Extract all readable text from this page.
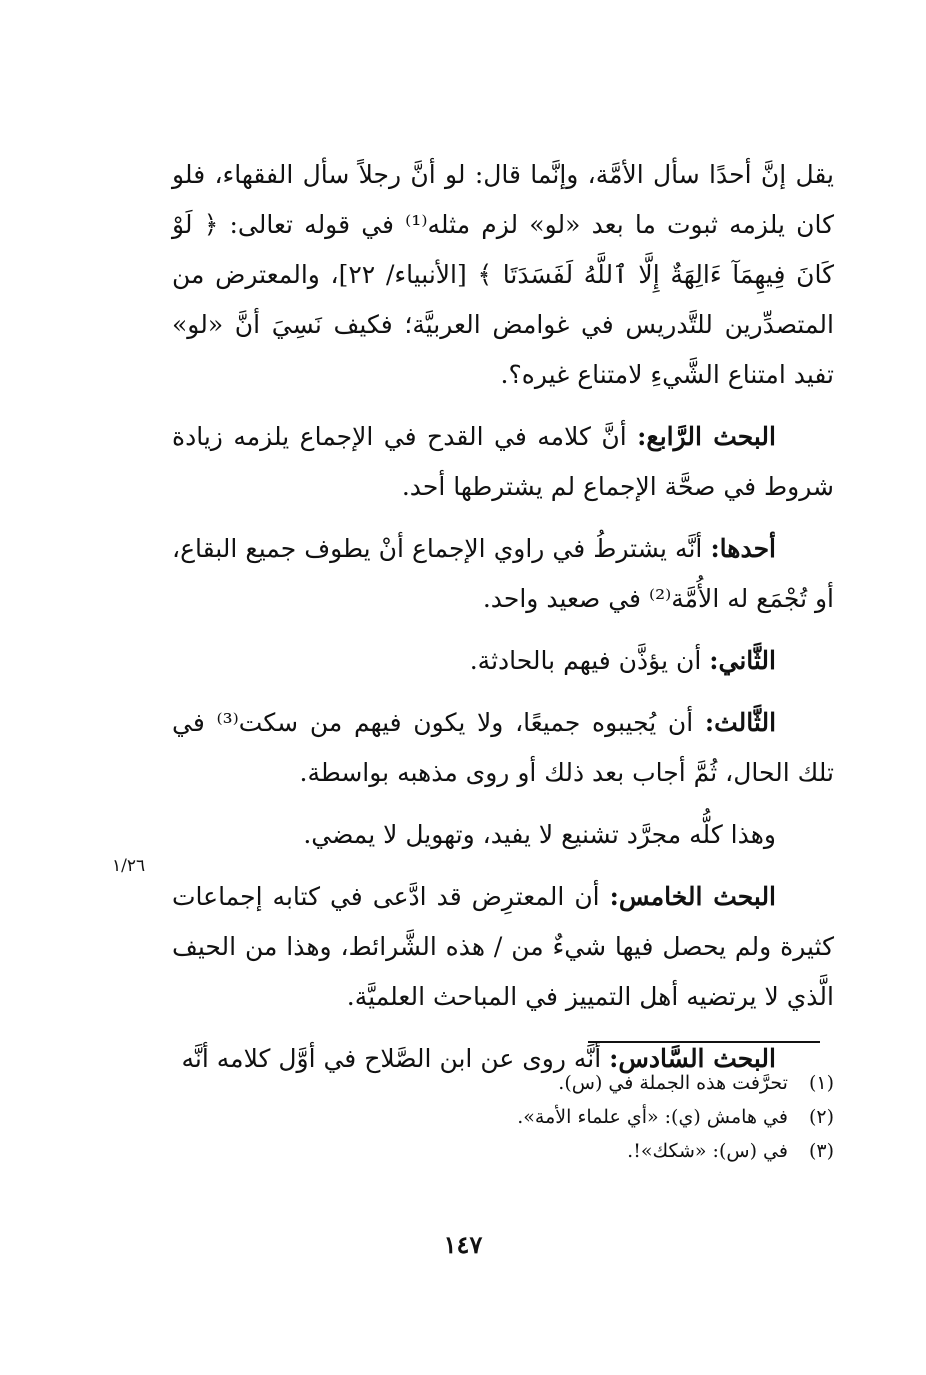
يقل إنَّ أحدًا سأل الأمَّة، وإنَّما قال: لو أنَّ رجلاً سأل الفقهاء، فلو كان يلزمه ثبوت ما بعد «لو» لزم مثله⁽¹⁾ في قوله تعالى: ﴿ لَوْ كَانَ فِيهِمَآ ءَالِهَةٌ إِلَّا ٱللَّهُ لَفَسَدَتَا ﴾ [الأنبياء/ ٢٢]، والمعترض من المتصدِّرين للتَّدريس في غوامض العربيَّة؛ فكيف نَسِيَ أنَّ «لو» تفيد امتناع الشَّيءِ لامتناع غيره؟.

البحث الرَّابع: أنَّ كلامه في القدح في الإجماع يلزمه زيادة شروط في صحَّة الإجماع لم يشترطها أحد.

أحدها: أنَّه يشترطُ في راوي الإجماع أنْ يطوف جميع البقاع، أو تُجْمَع له الأُمَّة⁽²⁾ في صعيد واحد.

الثَّاني: أن يؤذَّن فيهم بالحادثة.

الثَّالث: أن يُجيبوه جميعًا، ولا يكون فيهم من سكت⁽³⁾ في تلك الحال، ثُمَّ أجاب بعد ذلك أو روى مذهبه بواسطة.

وهذا كلُّه مجرَّد تشنيع لا يفيد، وتهويل لا يمضي.

البحث الخامس: أن المعترِض قد ادَّعى في كتابه إجماعات كثيرة ولم يحصل فيها شيءٌ من / هذه الشَّرائط، وهذا من الحيف الَّذي لا يرتضيه أهل التمييز في المباحث العلميَّة.

البحث السَّادس: أنَّه روى عن ابن الصَّلاح في أوَّل كلامه أنَّه

١/٢٦

(١) تحرَّفت هذه الجملة في (س).

(٢) في هامش (ي): «أي علماء الأمة».

(٣) في (س): «شكك»!.

١٤٧
